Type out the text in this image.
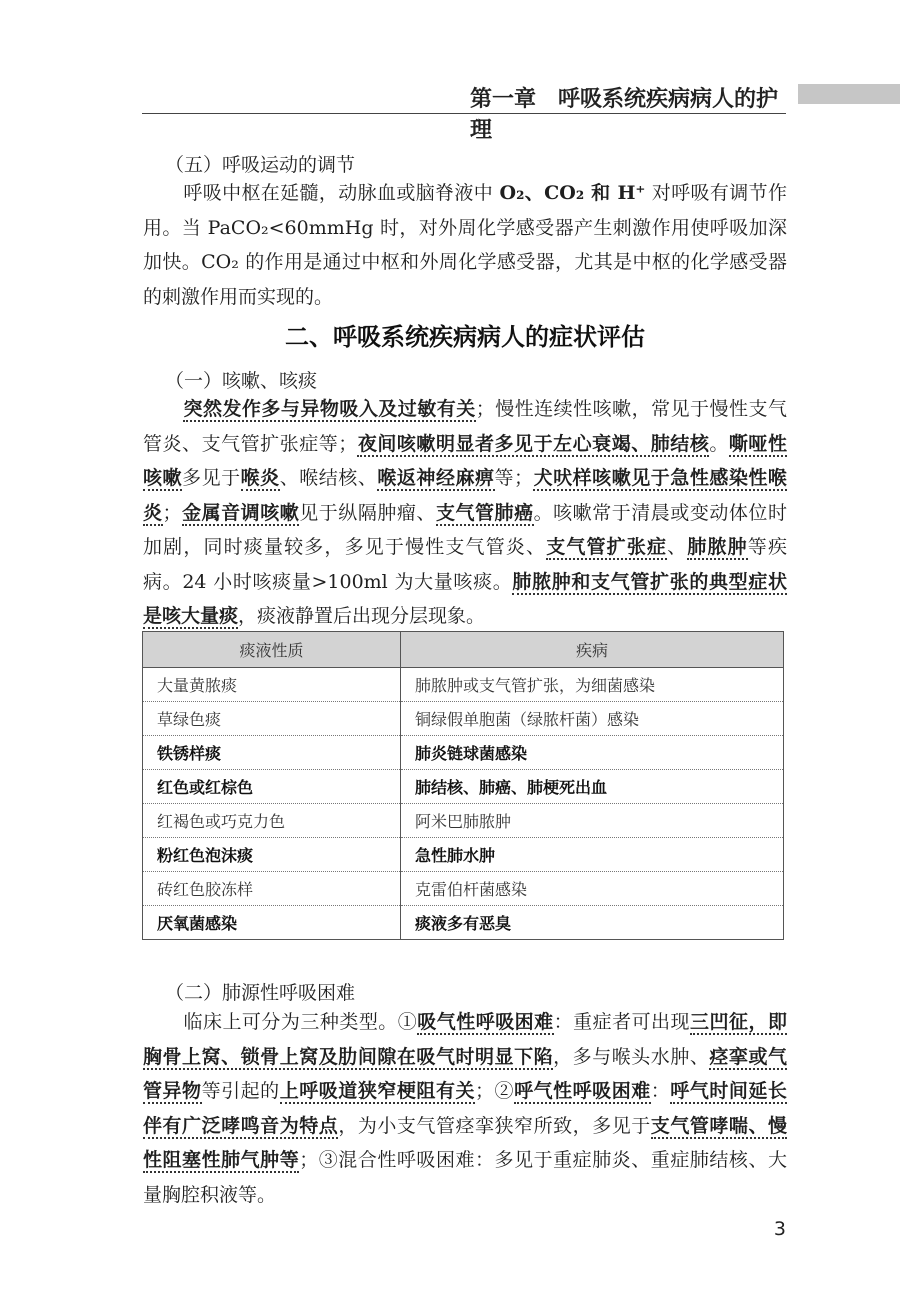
第一章　呼吸系统疾病病人的护理
（五）呼吸运动的调节
呼吸中枢在延髓，动脉血或脑脊液中 O₂、CO₂ 和 H⁺ 对呼吸有调节作用。当 PaCO₂<60mmHg 时，对外周化学感受器产生刺激作用使呼吸加深加快。CO₂ 的作用是通过中枢和外周化学感受器，尤其是中枢的化学感受器的刺激作用而实现的。
二、呼吸系统疾病病人的症状评估
（一）咳嗽、咳痰
突然发作多与异物吸入及过敏有关；慢性连续性咳嗽，常见于慢性支气管炎、支气管扩张症等；夜间咳嗽明显者多见于左心衰竭、肺结核。嘶哑性咳嗽多见于喉炎、喉结核、喉返神经麻痹等；犬吠样咳嗽见于急性感染性喉炎；金属音调咳嗽见于纵隔肿瘤、支气管肺癌。咳嗽常于清晨或变动体位时加剧，同时痰量较多，多见于慢性支气管炎、支气管扩张症、肺脓肿等疾病。24 小时咳痰量>100ml 为大量咳痰。肺脓肿和支气管扩张的典型症状是咳大量痰，痰液静置后出现分层现象。
痰液性质	疾病
大量黄脓痰	肺脓肿或支气管扩张，为细菌感染
草绿色痰	铜绿假单胞菌（绿脓杆菌）感染
铁锈样痰	肺炎链球菌感染
红色或红棕色	肺结核、肺癌、肺梗死出血
红褐色或巧克力色	阿米巴肺脓肿
粉红色泡沫痰	急性肺水肿
砖红色胶冻样	克雷伯杆菌感染
厌氧菌感染	痰液多有恶臭
（二）肺源性呼吸困难
临床上可分为三种类型。①吸气性呼吸困难：重症者可出现三凹征，即胸骨上窝、锁骨上窝及肋间隙在吸气时明显下陷，多与喉头水肿、痉挛或气管异物等引起的上呼吸道狭窄梗阻有关；②呼气性呼吸困难：呼气时间延长伴有广泛哮鸣音为特点，为小支气管痉挛狭窄所致，多见于支气管哮喘、慢性阻塞性肺气肿等；③混合性呼吸困难：多见于重症肺炎、重症肺结核、大量胸腔积液等。
3
